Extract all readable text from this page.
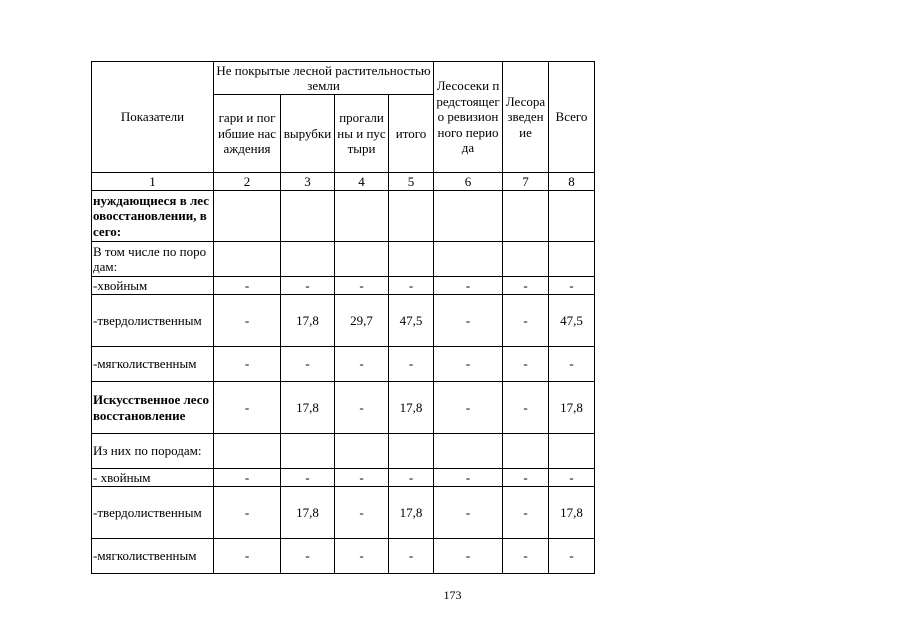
Показатели	Не покрытые лесной растительностью земли				Лесосеки предстоящего ревизионного периода	Лесоразведение	Всего
	гари и погибшие насаждения	вырубки	прогалины и пустыри	итого			
1	2	3	4	5	6	7	8
нуждающиеся в лесовосстановлении, всего:							
В том числе по породам:							
-хвойным	-	-	-	-	-	-	-
-твердолиственным	-	17,8	29,7	47,5	-	-	47,5
-мягколиственным	-	-	-	-	-	-	-
Искусственное лесовосстановление	-	17,8	-	17,8	-	-	17,8
Из них по породам:							
- хвойным	-	-	-	-	-	-	-
-твердолиственным	-	17,8	-	17,8	-	-	17,8
-мягколиственным	-	-	-	-	-	-	-
173
